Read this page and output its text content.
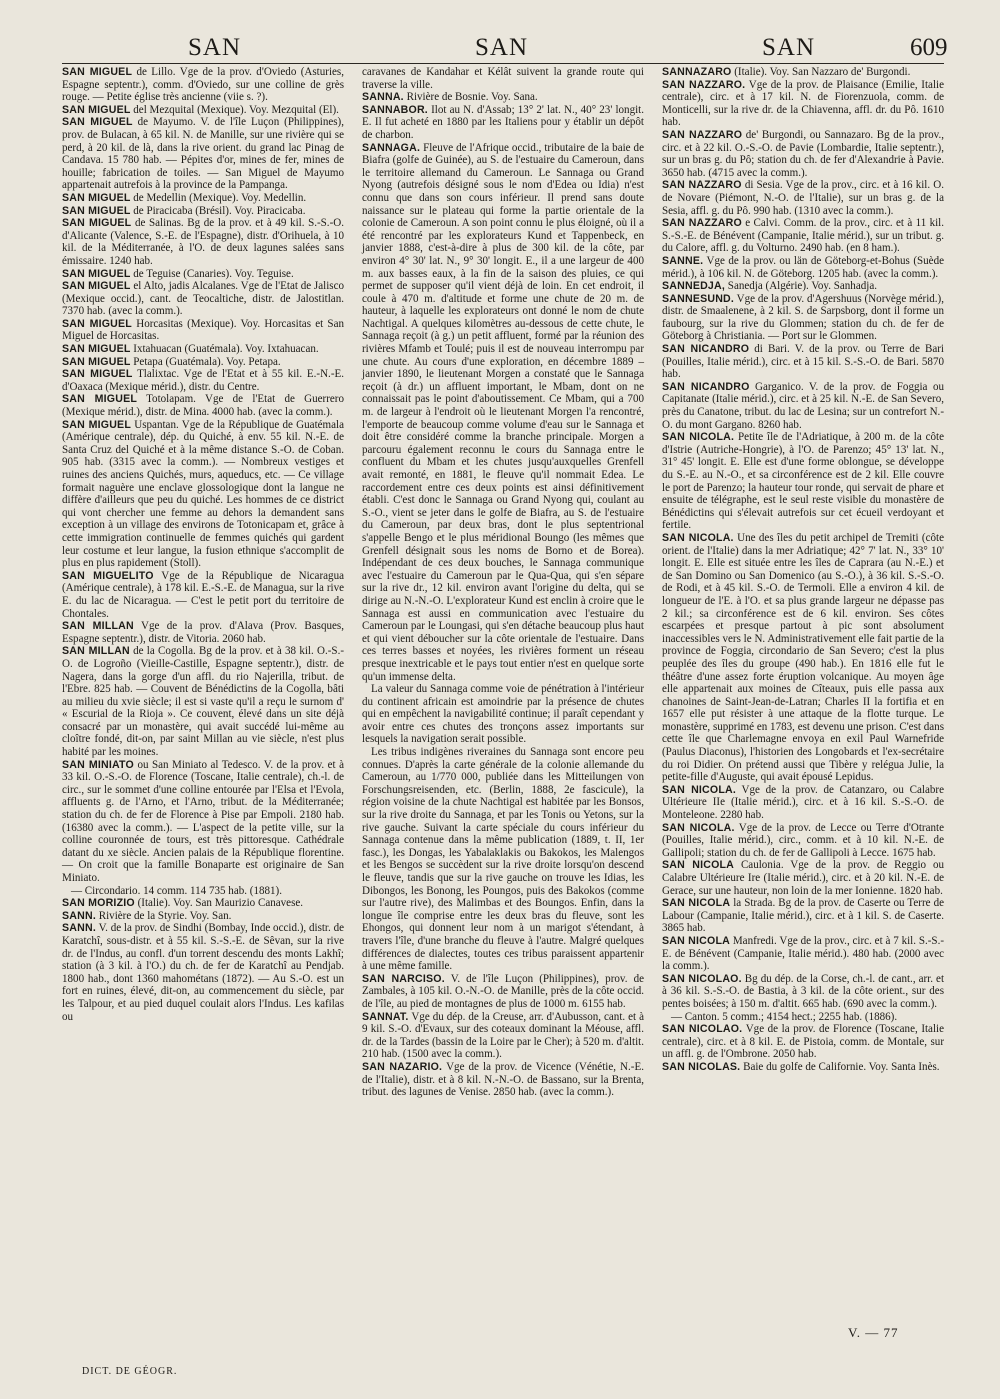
SAN	SAN	SAN	609

SAN MIGUEL de Lillo. Vge de la prov. d'Oviedo (Asturies, Espagne septentr.), comm. d'Oviedo, sur une colline de grès rouge. — Petite église très ancienne (viie s. ?).

SAN MIGUEL del Mezquital (Mexique). Voy. Mezquital (El).

SAN MIGUEL de Mayumo. V. de l'île Luçon (Philippines), prov. de Bulacan, à 65 kil. N. de Manille, sur une rivière qui se perd, à 20 kil. de là, dans la rive orient. du grand lac Pinag de Candava. 15 780 hab. — Pépites d'or, mines de fer, mines de houille; fabrication de toiles. — San Miguel de Mayumo appartenait autrefois à la province de la Pampanga.

SAN MIGUEL de Medellin (Mexique). Voy. Medellin.

SAN MIGUEL de Piracicaba (Brésil). Voy. Piracicaba.

SAN MIGUEL de Salinas. Bg de la prov. et à 49 kil. S.-S.-O. d'Alicante (Valence, S.-E. de l'Espagne), distr. d'Orihuela, à 10 kil. de la Méditerranée, à l'O. de deux lagunes salées sans émissaire. 1240 hab.

SAN MIGUEL de Teguise (Canaries). Voy. Teguise.

SAN MIGUEL el Alto, jadis Alcalanes. Vge de l'Etat de Jalisco (Mexique occid.), cant. de Teocaltiche, distr. de Jalostitlan. 7370 hab. (avec la comm.).

SAN MIGUEL Horcasitas (Mexique). Voy. Horcasitas et San Miguel de Horcasitas.

SAN MIGUEL Ixtahuacan (Guatémala). Voy. Ixtahuacan.

SAN MIGUEL Petapa (Guatémala). Voy. Petapa.

SAN MIGUEL Tlalixtac. Vge de l'Etat et à 55 kil. E.-N.-E. d'Oaxaca (Mexique mérid.), distr. du Centre.

SAN MIGUEL Totolapam. Vge de l'Etat de Guerrero (Mexique mérid.), distr. de Mina. 4000 hab. (avec la comm.).

SAN MIGUEL Uspantan. Vge de la République de Guatémala (Amérique centrale), dép. du Quiché, à env. 55 kil. N.-E. de Santa Cruz del Quiché et à la même distance S.-O. de Coban. 905 hab. (3315 avec la comm.). — Nombreux vestiges et ruines des anciens Quichés, murs, aqueducs, etc. — Ce village formait naguère une enclave glossologique dont la langue ne diffère d'ailleurs que peu du quiché. Les hommes de ce district qui vont chercher une femme au dehors la demandent sans exception à un village des environs de Totonicapam et, grâce à cette immigration continuelle de femmes quichés qui gardent leur costume et leur langue, la fusion ethnique s'accomplit de plus en plus rapidement (Stoll).

SAN MIGUELITO Vge de la République de Nicaragua (Amérique centrale), à 178 kil. E.-S.-E. de Managua, sur la rive E. du lac de Nicaragua. — C'est le petit port du territoire de Chontales.

SAN MILLAN Vge de la prov. d'Alava (Prov. Basques, Espagne septentr.), distr. de Vitoria. 2060 hab.

SAN MILLAN de la Cogolla. Bg de la prov. et à 38 kil. O.-S.-O. de Logroño (Vieille-Castille, Espagne septentr.), distr. de Nagera, dans la gorge d'un affl. du rio Najerilla, tribut. de l'Ebre. 825 hab. — Couvent de Bénédictins de la Cogolla, bâti au milieu du xvie siècle; il est si vaste qu'il a reçu le surnom d' « Escurial de la Rioja ». Ce couvent, élevé dans un site déjà consacré par un monastère, qui avait succédé lui-même au cloître fondé, dit-on, par saint Millan au vie siècle, n'est plus habité par les moines.

SAN MINIATO ou San Miniato al Tedesco. V. de la prov. et à 33 kil. O.-S.-O. de Florence (Toscane, Italie centrale), ch.-l. de circ., sur le sommet d'une colline entourée par l'Elsa et l'Evola, affluents g. de l'Arno, et l'Arno, tribut. de la Méditerranée; station du ch. de fer de Florence à Pise par Empoli. 2180 hab. (16380 avec la comm.). — L'aspect de la petite ville, sur la colline couronnée de tours, est très pittoresque. Cathédrale datant du xe siècle. Ancien palais de la République florentine. — On croit que la famille Bonaparte est originaire de San Miniato.

— Circondario. 14 comm. 114 735 hab. (1881).

SAN MORIZIO (Italie). Voy. San Maurizio Canavese.

SANN. Rivière de la Styrie. Voy. San.

SANN. V. de la prov. de Sindhi (Bombay, Inde occid.), distr. de Karatchî, sous-distr. et à 55 kil. S.-S.-E. de Sêvan, sur la rive dr. de l'Indus, au confl. d'un torrent descendu des monts Lakhî; station (à 3 kil. à l'O.) du ch. de fer de Karatchî au Pendjab. 1800 hab., dont 1360 mahométans (1872). — Au S.-O. est un fort en ruines, élevé, dit-on, au commencement du siècle, par les Talpour, et au pied duquel coulait alors l'Indus. Les kafilas ou

caravanes de Kandahar et Kélât suivent la grande route qui traverse la ville.

SANNA. Rivière de Bosnie. Voy. Sana.

SANNABOR. Ilot au N. d'Assab; 13° 2' lat. N., 40° 23' longit. E. Il fut acheté en 1880 par les Italiens pour y établir un dépôt de charbon.

SANNAGA. Fleuve de l'Afrique occid., tributaire de la baie de Biafra (golfe de Guinée), au S. de l'estuaire du Cameroun, dans le territoire allemand du Cameroun. Le Sannaga ou Grand Nyong (autrefois désigné sous le nom d'Edea ou Idia) n'est connu que dans son cours inférieur. Il prend sans doute naissance sur le plateau qui forme la partie orientale de la colonie de Cameroun. A son point connu le plus éloigné, où il a été rencontré par les explorateurs Kund et Tappenbeck, en janvier 1888, c'est-à-dire à plus de 300 kil. de la côte, par environ 4° 30' lat. N., 9° 30' longit. E., il a une largeur de 400 m. aux basses eaux, à la fin de la saison des pluies, ce qui permet de supposer qu'il vient déjà de loin. En cet endroit, il coule à 470 m. d'altitude et forme une chute de 20 m. de hauteur, à laquelle les explorateurs ont donné le nom de chute Nachtigal. A quelques kilomètres au-dessous de cette chute, le Sannaga reçoit (à g.) un petit affluent, formé par la réunion des rivières Mfamb et Toulé; puis il est de nouveau interrompu par une chute. Au cours d'une exploration, en décembre 1889 – janvier 1890, le lieutenant Morgen a constaté que le Sannaga reçoit (à dr.) un affluent important, le Mbam, dont on ne connaissait pas le point d'aboutissement. Ce Mbam, qui a 700 m. de largeur à l'endroit où le lieutenant Morgen l'a rencontré, l'emporte de beaucoup comme volume d'eau sur le Sannaga et doit être considéré comme la branche principale. Morgen a parcouru également reconnu le cours du Sannaga entre le confluent du Mbam et les chutes jusqu'auxquelles Grenfell avait remonté, en 1881, le fleuve qu'il nommait Edea. Le raccordement entre ces deux points est ainsi définitivement établi. C'est donc le Sannaga ou Grand Nyong qui, coulant au S.-O., vient se jeter dans le golfe de Biafra, au S. de l'estuaire du Cameroun, par deux bras, dont le plus septentrional s'appelle Bengo et le plus méridional Boungo (les mêmes que Grenfell désignait sous les noms de Borno et de Borea). Indépendant de ces deux bouches, le Sannaga communique avec l'estuaire du Cameroun par le Qua-Qua, qui s'en sépare sur la rive dr., 12 kil. environ avant l'origine du delta, qui se dirige au N.-N.-O. L'explorateur Kund est enclin à croire que le Sannaga est aussi en communication avec l'estuaire du Cameroun par le Loungasi, qui s'en détache beaucoup plus haut et qui vient déboucher sur la côte orientale de l'estuaire. Dans ces terres basses et noyées, les rivières forment un réseau presque inextricable et le pays tout entier n'est en quelque sorte qu'un immense delta.

La valeur du Sannaga comme voie de pénétration à l'intérieur du continent africain est amoindrie par la présence de chutes qui en empêchent la navigabilité continue; il paraît cependant y avoir entre ces chutes des tronçons assez importants sur lesquels la navigation serait possible.

Les tribus indigènes riveraines du Sannaga sont encore peu connues. D'après la carte générale de la colonie allemande du Cameroun, au 1/770 000, publiée dans les Mitteilungen von Forschungsreisenden, etc. (Berlin, 1888, 2e fascicule), la région voisine de la chute Nachtigal est habitée par les Bonsos, sur la rive droite du Sannaga, et par les Tonis ou Yetons, sur la rive gauche. Suivant la carte spéciale du cours inférieur du Sannaga contenue dans la même publication (1889, t. II, 1er fasc.), les Dongas, les Yabalaklakis ou Bakokos, les Malengos et les Bengos se succèdent sur la rive droite lorsqu'on descend le fleuve, tandis que sur la rive gauche on trouve les Idias, les Dibongos, les Bonong, les Poungos, puis des Bakokos (comme sur l'autre rive), des Malimbas et des Boungos. Enfin, dans la longue île comprise entre les deux bras du fleuve, sont les Ehongos, qui donnent leur nom à un marigot s'étendant, à travers l'île, d'une branche du fleuve à l'autre. Malgré quelques différences de dialectes, toutes ces tribus paraissent appartenir à une même famille.

SAN NARCISO. V. de l'île Luçon (Philippines), prov. de Zambales, à 105 kil. O.-N.-O. de Manille, près de la côte occid. de l'île, au pied de montagnes de plus de 1000 m. 6155 hab.

SANNAT. Vge du dép. de la Creuse, arr. d'Aubusson, cant. et à 9 kil. S.-O. d'Evaux, sur des coteaux dominant la Méouse, affl. dr. de la Tardes (bassin de la Loire par le Cher); à 520 m. d'altit. 210 hab. (1500 avec la comm.).

SAN NAZARIO. Vge de la prov. de Vicence (Vénétie, N.-E. de l'Italie), distr. et à 8 kil. N.-N.-O. de Bassano, sur la Brenta, tribut. des lagunes de Venise. 2850 hab. (avec la comm.).

SANNAZARO (Italie). Voy. San Nazzaro de' Burgondi.

SAN NAZZARO. Vge de la prov. de Plaisance (Emilie, Italie centrale), circ. et à 17 kil. N. de Fiorenzuola, comm. de Monticelli, sur la rive dr. de la Chiavenna, affl. dr. du Pô. 1610 hab.

SAN NAZZARO de' Burgondi, ou Sannazaro. Bg de la prov., circ. et à 22 kil. O.-S.-O. de Pavie (Lombardie, Italie septentr.), sur un bras g. du Pô; station du ch. de fer d'Alexandrie à Pavie. 3650 hab. (4715 avec la comm.).

SAN NAZZARO di Sesia. Vge de la prov., circ. et à 16 kil. O. de Novare (Piémont, N.-O. de l'Italie), sur un bras g. de la Sesia, affl. g. du Pô. 990 hab. (1310 avec la comm.).

SAN NAZZARO e Calvi. Comm. de la prov., circ. et à 11 kil. S.-S.-E. de Bénévent (Campanie, Italie mérid.), sur un tribut. g. du Calore, affl. g. du Volturno. 2490 hab. (en 8 ham.).

SANNE. Vge de la prov. ou län de Göteborg-et-Bohus (Suède mérid.), à 106 kil. N. de Göteborg. 1205 hab. (avec la comm.).

SANNEDJA, Sanedja (Algérie). Voy. Sanhadja.

SANNESUND. Vge de la prov. d'Agershuus (Norvège mérid.), distr. de Smaalenene, à 2 kil. S. de Sarpsborg, dont il forme un faubourg, sur la rive du Glommen; station du ch. de fer de Göteborg à Christiania. — Port sur le Glommen.

SAN NICANDRO di Bari. V. de la prov. ou Terre de Bari (Pouilles, Italie mérid.), circ. et à 15 kil. S.-S.-O. de Bari. 5870 hab.

SAN NICANDRO Garganico. V. de la prov. de Foggia ou Capitanate (Italie mérid.), circ. et à 25 kil. N.-E. de San Severo, près du Canatone, tribut. du lac de Lesina; sur un contrefort N.-O. du mont Gargano. 8260 hab.

SAN NICOLA. Petite île de l'Adriatique, à 200 m. de la côte d'Istrie (Autriche-Hongrie), à l'O. de Parenzo; 45° 13' lat. N., 31° 45' longit. E. Elle est d'une forme oblongue, se développe du S.-E. au N.-O., et sa circonférence est de 2 kil. Elle couvre le port de Parenzo; la hauteur tour ronde, qui servait de phare et ensuite de télégraphe, est le seul reste visible du monastère de Bénédictins qui s'élevait autrefois sur cet écueil verdoyant et fertile.

SAN NICOLA. Une des îles du petit archipel de Tremiti (côte orient. de l'Italie) dans la mer Adriatique; 42° 7' lat. N., 33° 10' longit. E. Elle est située entre les îles de Caprara (au N.-E.) et de San Domino ou San Domenico (au S.-O.), à 36 kil. S.-S.-O. de Rodi, et à 45 kil. S.-O. de Termoli. Elle a environ 4 kil. de longueur de l'E. à l'O. et sa plus grande largeur ne dépasse pas 2 kil.; sa circonférence est de 6 kil. environ. Ses côtes escarpées et presque partout à pic sont absolument inaccessibles vers le N. Administrativement elle fait partie de la province de Foggia, circondario de San Severo; c'est la plus peuplée des îles du groupe (490 hab.). En 1816 elle fut le théâtre d'une assez forte éruption volcanique. Au moyen âge elle appartenait aux moines de Cîteaux, puis elle passa aux chanoines de Saint-Jean-de-Latran; Charles II la fortifia et en 1657 elle put résister à une attaque de la flotte turque. Le monastère, supprimé en 1783, est devenu une prison. C'est dans cette île que Charlemagne envoya en exil Paul Warnefride (Paulus Diaconus), l'historien des Longobards et l'ex-secrétaire du roi Didier. On prétend aussi que Tibère y relégua Julie, la petite-fille d'Auguste, qui avait épousé Lepidus.

SAN NICOLA. Vge de la prov. de Catanzaro, ou Calabre Ultérieure IIe (Italie mérid.), circ. et à 16 kil. S.-S.-O. de Monteleone. 2280 hab.

SAN NICOLA. Vge de la prov. de Lecce ou Terre d'Otrante (Pouilles, Italie mérid.), circ., comm. et à 10 kil. N.-E. de Gallipoli; station du ch. de fer de Gallipoli à Lecce. 1675 hab.

SAN NICOLA Caulonia. Vge de la prov. de Reggio ou Calabre Ultérieure Ire (Italie mérid.), circ. et à 20 kil. N.-E. de Gerace, sur une hauteur, non loin de la mer Ionienne. 1820 hab.

SAN NICOLA la Strada. Bg de la prov. de Caserte ou Terre de Labour (Campanie, Italie mérid.), circ. et à 1 kil. S. de Caserte. 3865 hab.

SAN NICOLA Manfredi. Vge de la prov., circ. et à 7 kil. S.-S.-E. de Bénévent (Campanie, Italie mérid.). 480 hab. (2000 avec la comm.).

SAN NICOLAO. Bg du dép. de la Corse, ch.-l. de cant., arr. et à 36 kil. S.-S.-O. de Bastia, à 3 kil. de la côte orient., sur des pentes boisées; à 150 m. d'altit. 665 hab. (690 avec la comm.).

— Canton. 5 comm.; 4154 hect.; 2255 hab. (1886).

SAN NICOLAO. Vge de la prov. de Florence (Toscane, Italie centrale), circ. et à 8 kil. E. de Pistoia, comm. de Montale, sur un affl. g. de l'Ombrone. 2050 hab.

SAN NICOLAS. Baie du golfe de Californie. Voy. Santa Inès.

V. — 77
DICT. DE GÉOGR.
